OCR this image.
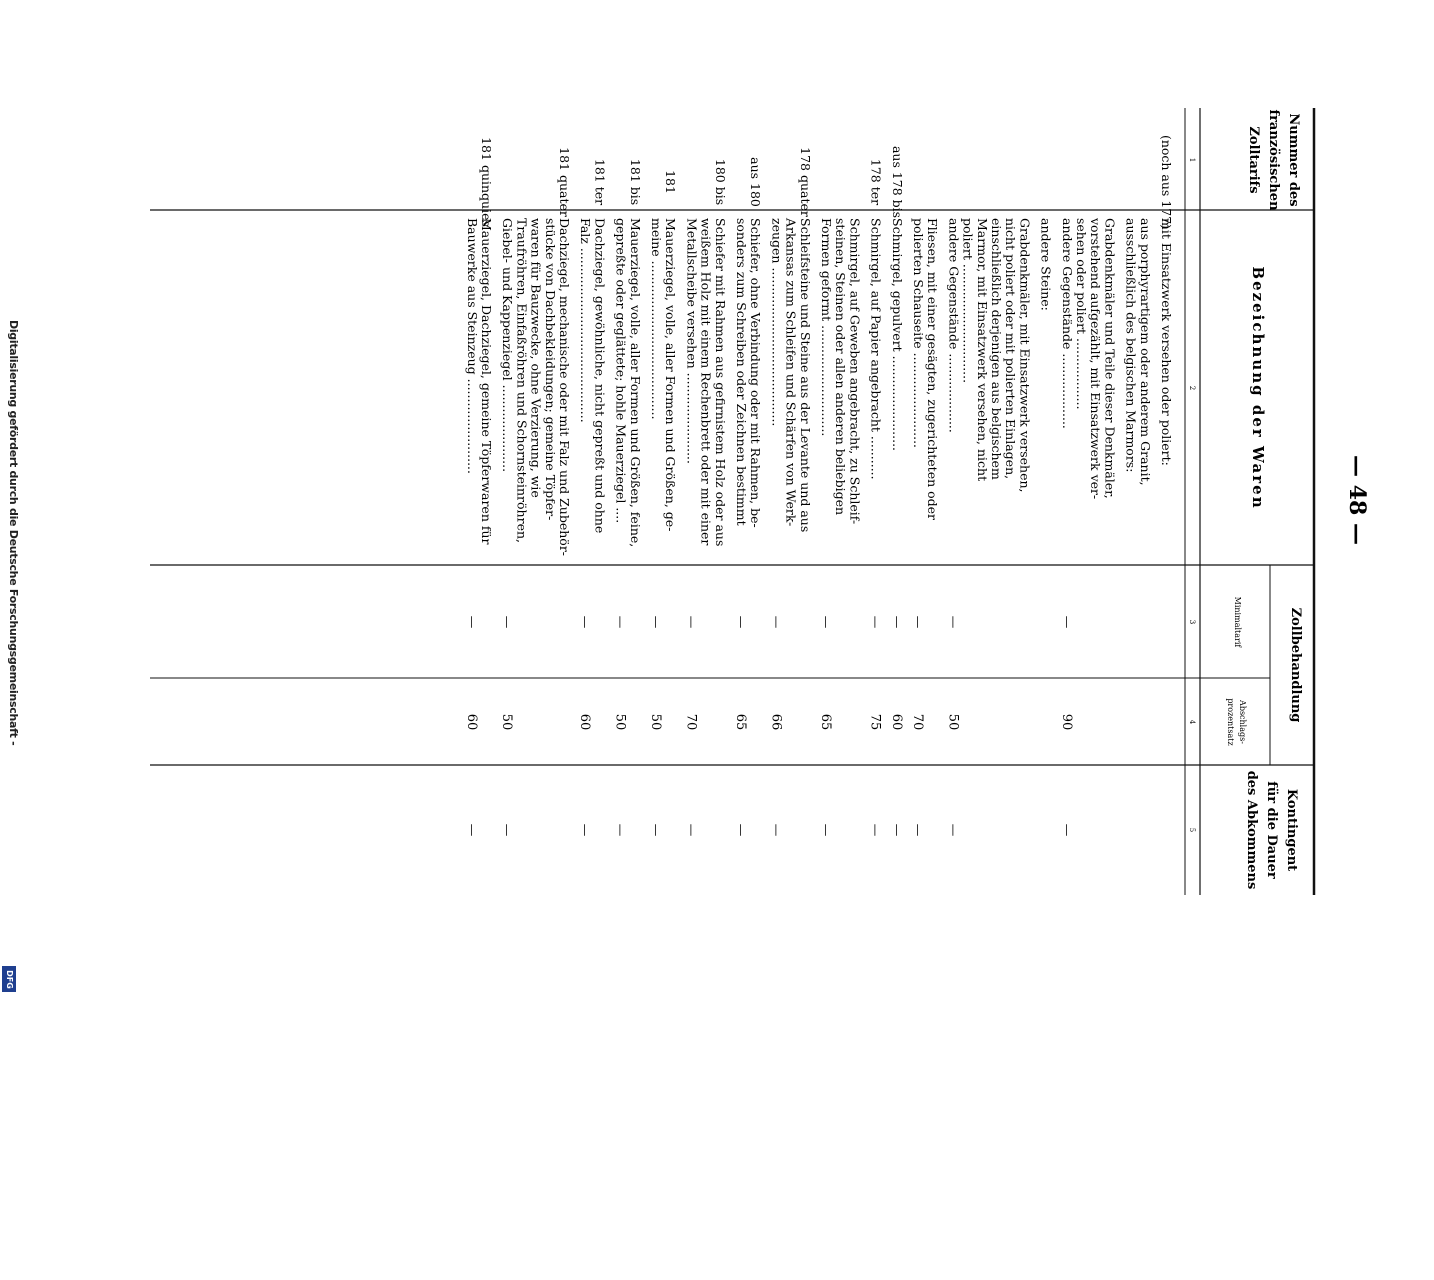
— 48 —
Nummer des
französischen
Zolltarifs
Bezeichnung der Waren
Zollbehandlung
Minimaltarif
Abschlags-
prozentsatz
Kontingent
für die Dauer
des Abkommens
1
2
3
4
5
mit Einsatzwerk versehen oder poliert:
(noch aus 177)
aus porphyrartigem oder anderem Granit,
ausschließlich des belgischen Marmors:
Grabdenkmäler und Teile dieser Denkmäler,
vorstehend aufgezählt, mit Einsatzwerk ver-
sehen oder poliert ..................
andere Gegenstände ...................
—
90
—
andere Steine:
Grabdenkmäler, mit Einsatzwerk versehen,
nicht poliert oder mit polierten Einlagen,
einschließlich derjenigen aus belgischem
Marmor, mit Einsatzwerk versehen, nicht
poliert ..............................
andere Gegenstände ....................
—
50
—
Fliesen, mit einer gesägten, zugerichteten oder
polierten Schauseite ........................
—
70
—
Schmirgel, gepulvert ........................
aus 178 bis
—
60
—
Schmirgel, auf Papier angebracht ...........
178 ter
—
75
—
Schmirgel, auf Geweben angebracht, zu Schleif-
steinen, Steinen oder allen anderen beliebigen
Formen geformt ............................
—
65
—
Schleifsteine und Steine aus der Levante und aus
Arkansas zum Schleifen und Schärfen von Werk-
zeugen ........................................
178 quater
—
66
—
Schiefer, ohne Verbindung oder mit Rahmen, be-
sonders zum Schreiben oder Zeichnen bestimmt
aus 180
—
65
—
Schiefer mit Rahmen aus gefirnistem Holz oder aus
weißem Holz mit einem Rechenbrett oder mit einer
Metallscheibe versehen .......................
180 bis
—
70
—
Mauerziegel, volle, aller Formen und Größen, ge-
meine ........................................
181
—
50
—
Mauerziegel, volle, aller Formen und Größen, feine,
gepreßte oder geglättete; hohle Mauerziegel ....
181 bis
—
50
—
Dachziegel, gewöhnliche, nicht gepreßt und ohne
Falz ............................................
181 ter
—
60
—
Dachziegel, mechanische oder mit Falz und Zubehör-
stücke von Dachbekleidungen; gemeine Töpfer-
waren für Bauzwecke, ohne Verzierung, wie
Traufröhren, Einfaßröhren und Schornsteinröhren,
Giebel- und Kappenziegel ......................
181 quater
—
50
—
Mauerziegel, Dachziegel, gemeine Töpferwaren für
Bauwerke aus Steinzeug ........................
181 quinquies
—
60
—
Digitalisierung gefördert durch die Deutsche Forschungsgemeinschaft -
DFG
